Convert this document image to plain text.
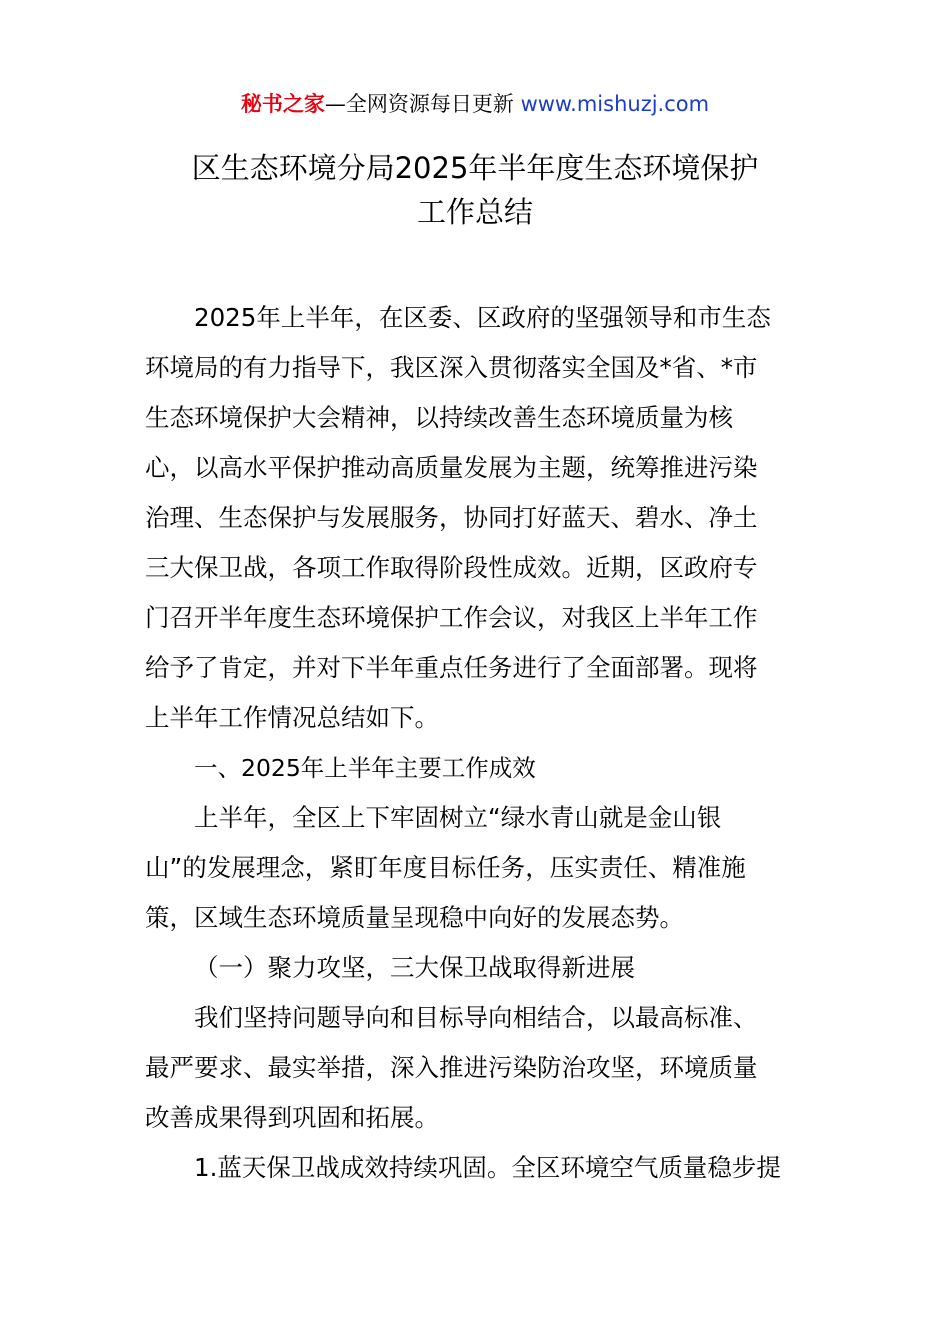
秘书之家—全网资源每日更新 www.mishuzj.com
区生态环境分局2025年半年度生态环境保护
工作总结

2025年上半年，在区委、区政府的坚强领导和市生态
环境局的有力指导下，我区深入贯彻落实全国及*省、*市
生态环境保护大会精神，以持续改善生态环境质量为核
心，以高水平保护推动高质量发展为主题，统筹推进污染
治理、生态保护与发展服务，协同打好蓝天、碧水、净土
三大保卫战，各项工作取得阶段性成效。近期，区政府专
门召开半年度生态环境保护工作会议，对我区上半年工作
给予了肯定，并对下半年重点任务进行了全面部署。现将
上半年工作情况总结如下。

一、2025年上半年主要工作成效

上半年，全区上下牢固树立“绿水青山就是金山银
山”的发展理念，紧盯年度目标任务，压实责任、精准施
策，区域生态环境质量呈现稳中向好的发展态势。

（一）聚力攻坚，三大保卫战取得新进展

我们坚持问题导向和目标导向相结合，以最高标准、
最严要求、最实举措，深入推进污染防治攻坚，环境质量
改善成果得到巩固和拓展。

1.蓝天保卫战成效持续巩固。全区环境空气质量稳步提
